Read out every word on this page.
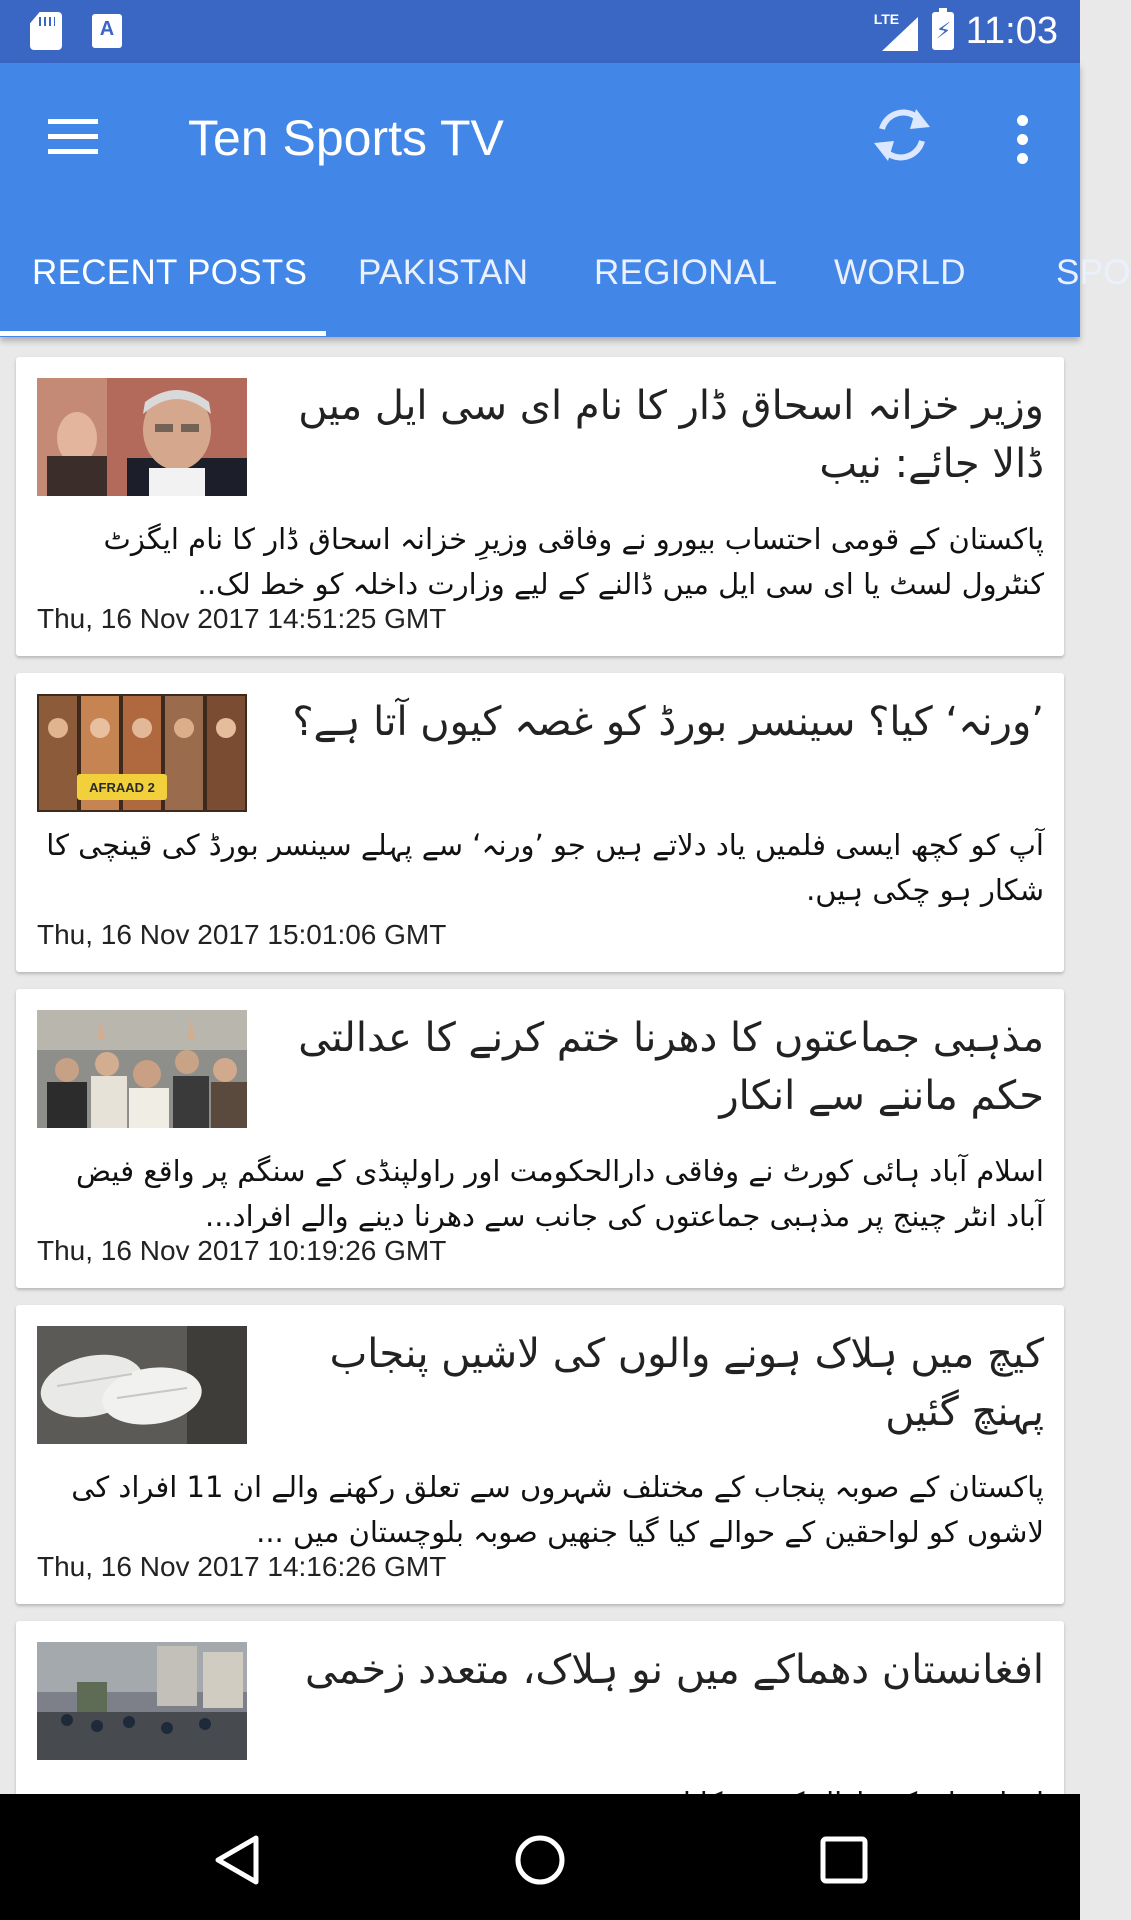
A	LTE ⚡ 11:03
Ten Sports TV
RECENT POSTS PAKISTAN REGIONAL WORLD	SPO

وزیر خزانہ اسحاق ڈار کا نام ای سی ایل میں ڈالا جائے: نیب

پاکستان کے قومی احتساب بیورو نے وفاقی وزیرِ خزانہ اسحاق ڈار کا نام ایگزٹ کنٹرول لسٹ یا ای سی ایل میں ڈالنے کے لیے وزارت داخلہ کو خط لک..

Thu, 16 Nov 2017 14:51:25 GMT
AFRAAD 2

’ورنہ‘ کیا؟ سینسر بورڈ کو غصہ کیوں آتا ہے؟

آپ کو کچھ ایسی فلمیں یاد دلاتے ہیں جو ’ورنہ‘ سے پہلے سینسر بورڈ کی قینچی کا شکار ہو چکی ہیں.

Thu, 16 Nov 2017 15:01:06 GMT

مذہبی جماعتوں کا دھرنا ختم کرنے کا عدالتی حکم ماننے سے انکار

اسلام آباد ہائی کورٹ نے وفاقی دارالحکومت اور راولپنڈی کے سنگم پر واقع فیض آباد انٹر چینج پر مذہبی جماعتوں کی جانب سے دھرنا دینے والے افراد...

Thu, 16 Nov 2017 10:19:26 GMT

کیچ میں ہلاک ہونے والوں کی لاشیں پنجاب پہنچ گئیں

پاکستان کے صوبہ پنجاب کے مختلف شہروں سے تعلق رکھنے والے ان 11 افراد کی لاشوں کو لواحقین کے حوالے کیا گیا جنھیں صوبہ بلوچستان میں ...

Thu, 16 Nov 2017 14:16:26 GMT

افغانستان دھماکے میں نو ہلاک، متعدد زخمی
